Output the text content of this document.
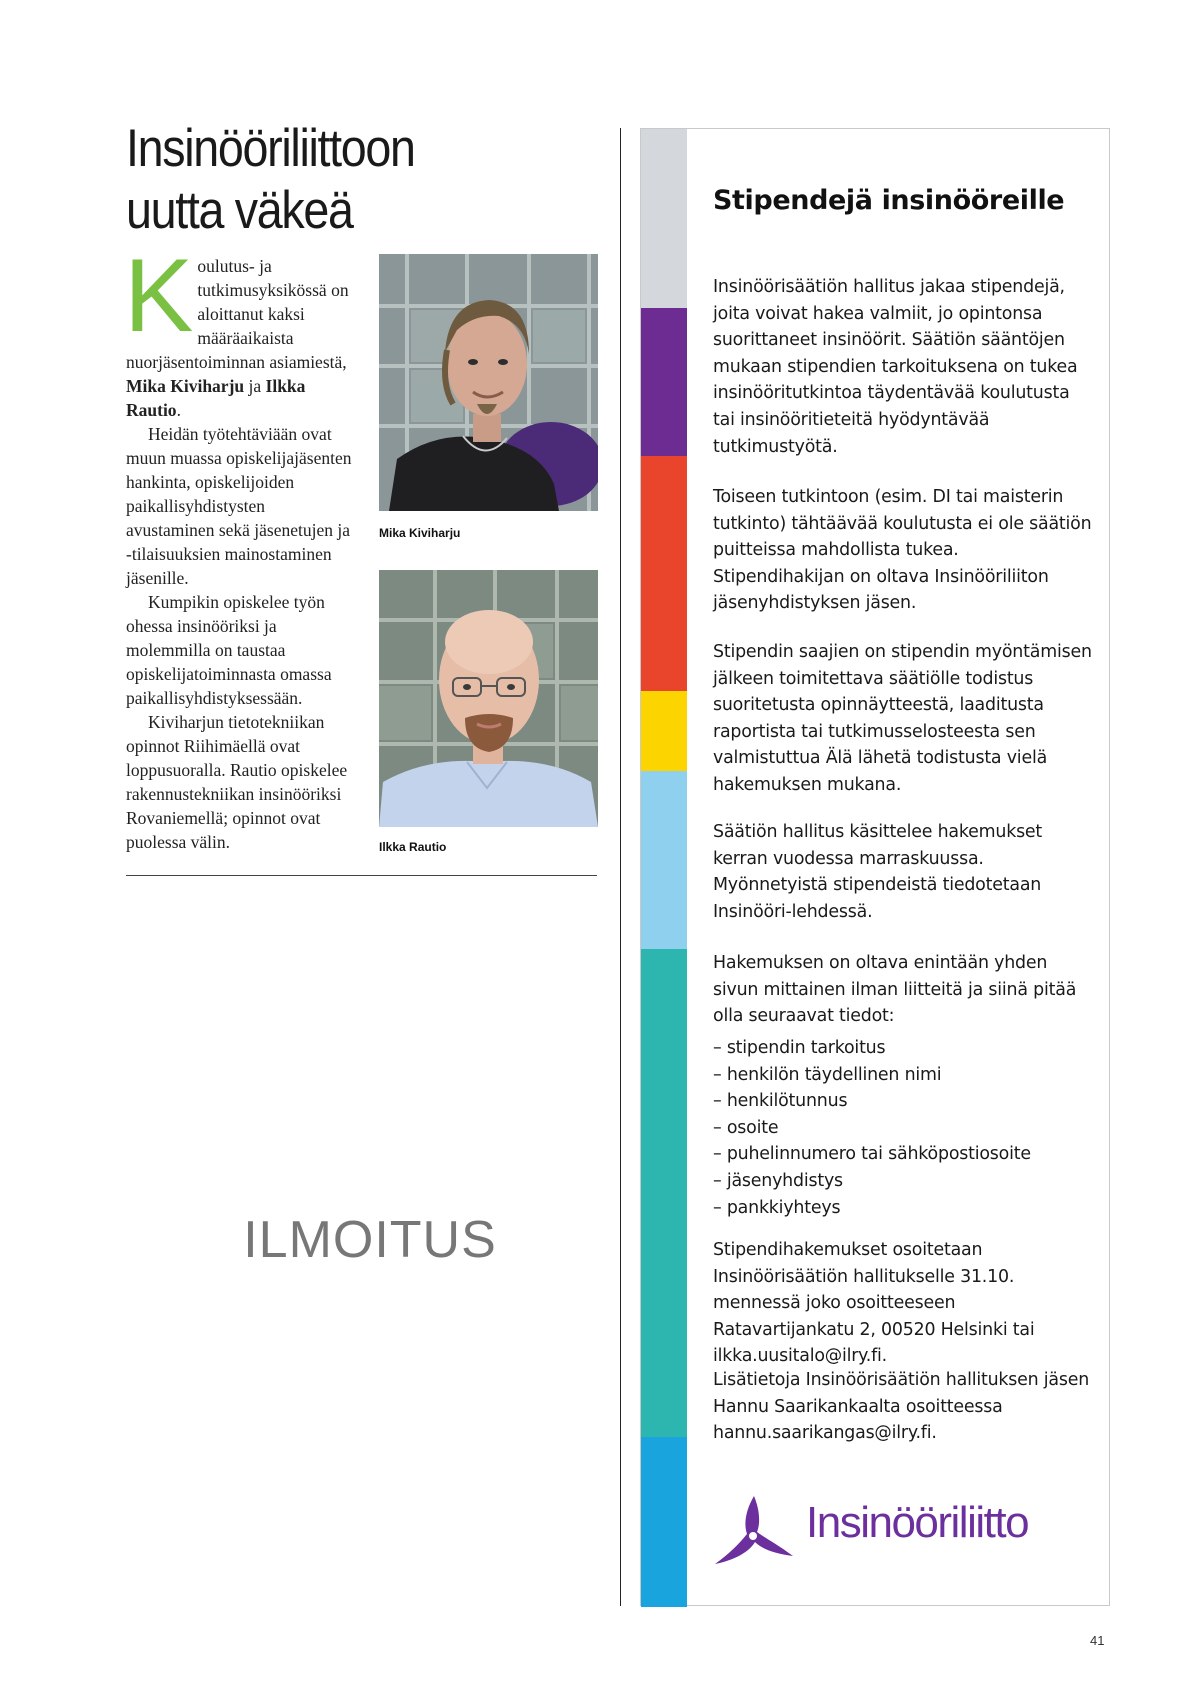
Insinööriliittoon
uutta väkeä

Koulutus- ja tutkimusyksikössä on aloittanut kaksi määräaikaista nuorjäsentoiminnan asiamiestä, Mika Kiviharju ja Ilkka Rautio.

Heidän työtehtäviään ovat muun muassa opiskelijajäsenten hankinta, opiskelijoiden paikallisyhdistysten avustaminen sekä jäsenetujen ja -tilaisuuksien mainostaminen jäsenille.

Kumpikin opiskelee työn ohessa insinööriksi ja molemmilla on taustaa opiskelijatoiminnasta omassa paikallisyhdistyksessään.

Kiviharjun tietotekniikan opinnot Riihimäellä ovat loppusuoralla. Rautio opiskelee rakennustekniikan insinööriksi Rovaniemellä; opinnot ovat puolessa välin.

Mika Kiviharju
Ilkka Rautio
ILMOITUS
Stipendejä insinööreille

Insinöörisäätiön hallitus jakaa stipendejä, joita voivat hakea valmiit, jo opintonsa suorittaneet insinöörit. Säätiön sääntöjen mukaan stipendien tarkoituksena on tukea insinööritutkintoa täydentävää koulutusta tai insinööritieteitä hyödyntävää tutkimustyötä.

Toiseen tutkintoon (esim. DI tai maisterin tutkinto) tähtäävää koulutusta ei ole säätiön puitteissa mahdollista tukea. Stipendihakijan on oltava Insinööriliiton jäsenyhdistyksen jäsen.

Stipendin saajien on stipendin myöntämisen jälkeen toimitettava säätiölle todistus suoritetusta opinnäytteestä, laaditusta raportista tai tutkimusselosteesta sen valmistuttua Älä lähetä todistusta vielä hakemuksen mukana.

Säätiön hallitus käsittelee hakemukset kerran vuodessa marraskuussa. Myönnetyistä stipendeistä tiedotetaan Insinööri-lehdessä.

Hakemuksen on oltava enintään yhden sivun mittainen ilman liitteitä ja siinä pitää olla seuraavat tiedot:

– stipendin tarkoitus
– henkilön täydellinen nimi
– henkilötunnus
– osoite
– puhelinnumero tai sähköpostiosoite
– jäsenyhdistys
– pankkiyhteys

Stipendihakemukset osoitetaan Insinöörisäätiön hallitukselle 31.10. mennessä joko osoitteeseen Ratavartijankatu 2, 00520 Helsinki tai ilkka.uusitalo@ilry.fi.

Lisätietoja Insinöörisäätiön hallituksen jäsen Hannu Saarikankaalta osoitteessa hannu.saarikangas@ilry.fi.

Insinööriliitto
41
